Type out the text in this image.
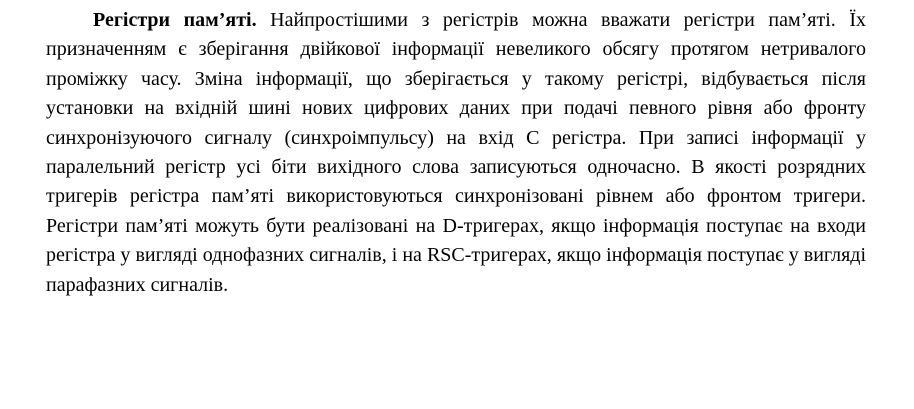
Регістри пам’яті. Найпростішими з регістрів можна вважати регістри пам’яті. Їх призначенням є зберігання двійкової інформації невеликого обсягу протягом нетривалого проміжку часу. Зміна інформації, що зберігається у такому регістрі, відбувається після установки на вхідній шині нових цифрових даних при подачі певного рівня або фронту синхронізуючого сигналу (синхроімпульсу) на вхід С регістра. При записі інформації у паралельний регістр усі біти вихідного слова записуються одночасно. В якості розрядних тригерів регістра пам’яті використовуються синхронізовані рівнем або фронтом тригери. Регістри пам’яті можуть бути реалізовані на D-тригерах, якщо інформація поступає на входи регістра у вигляді однофазних сигналів, і на RSC-тригерах, якщо інформація поступає у вигляді парафазних сигналів.
